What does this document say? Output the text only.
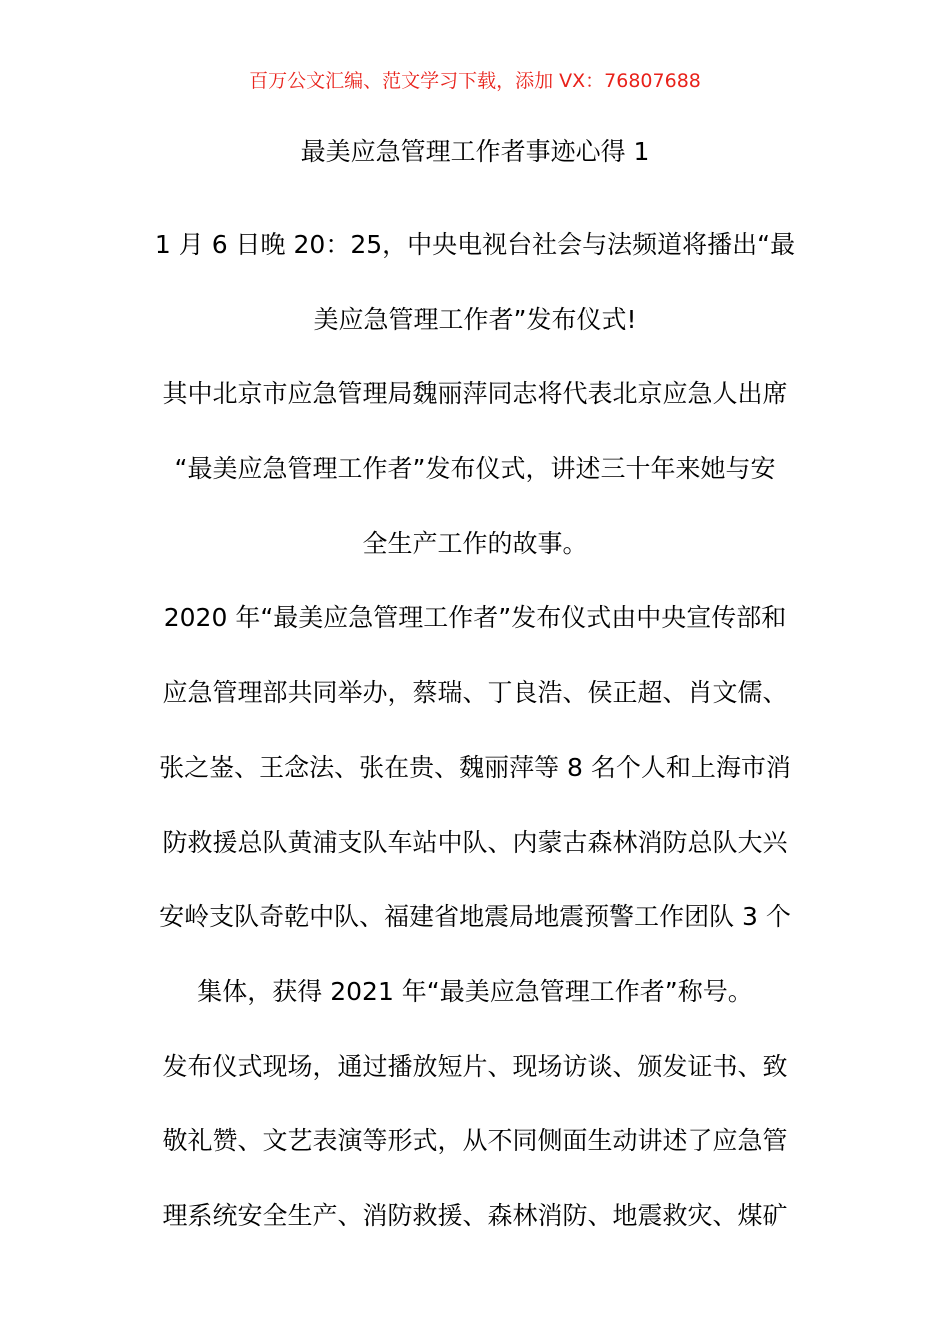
百万公文汇编、范文学习下载，添加 VX：76807688
最美应急管理工作者事迹心得 1
1 月 6 日晚 20：25，中央电视台社会与法频道将播出“最
美应急管理工作者”发布仪式!
其中北京市应急管理局魏丽萍同志将代表北京应急人出席
“最美应急管理工作者”发布仪式，讲述三十年来她与安
全生产工作的故事。
2020 年“最美应急管理工作者”发布仪式由中央宣传部和
应急管理部共同举办，蔡瑞、丁良浩、侯正超、肖文儒、
张之崟、王念法、张在贵、魏丽萍等 8 名个人和上海市消
防救援总队黄浦支队车站中队、内蒙古森林消防总队大兴
安岭支队奇乾中队、福建省地震局地震预警工作团队 3 个
集体，获得 2021 年“最美应急管理工作者”称号。
发布仪式现场，通过播放短片、现场访谈、颁发证书、致
敬礼赞、文艺表演等形式，从不同侧面生动讲述了应急管
理系统安全生产、消防救援、森林消防、地震救灾、煤矿
